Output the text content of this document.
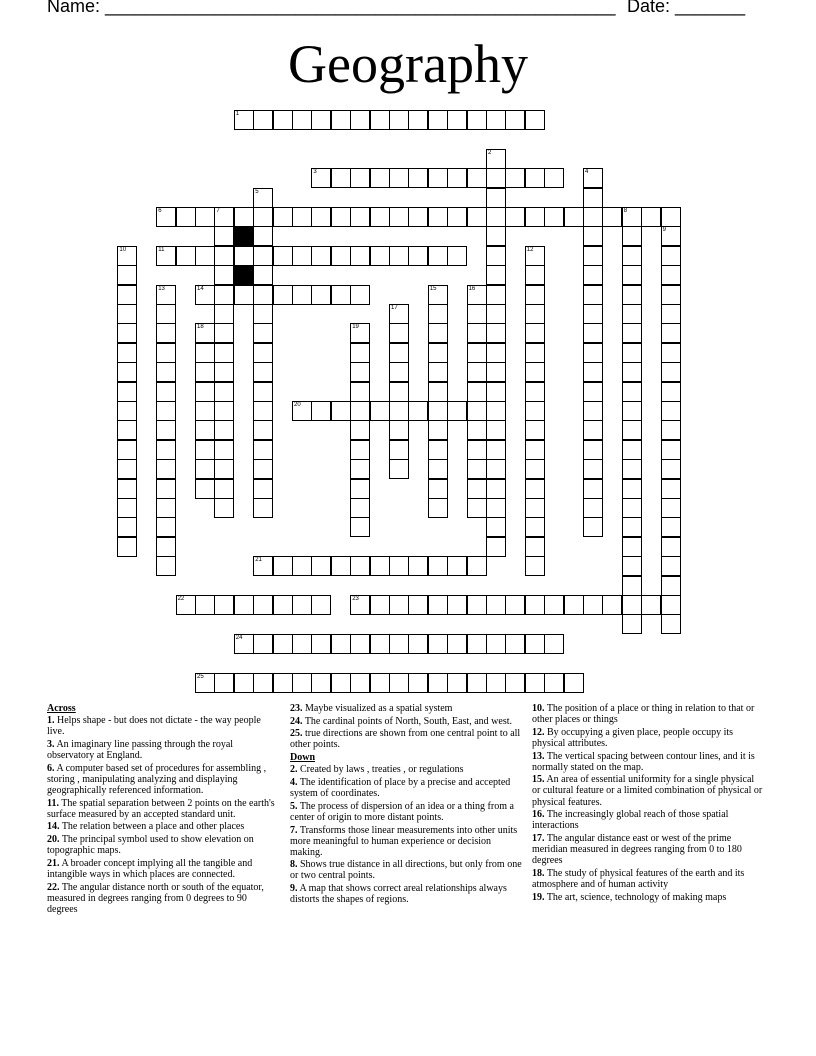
Name: ___________________________________________________ Date: _______
Geography
1
3
6	7	8
11
14
20
21
22	23
24
25
2
4
5
9
10	12
13	15	16
17
18	19
Across
1. Helps shape - but does not dictate - the way people live.
3. An imaginary line passing through the royal observatory at England.
6. A computer based set of procedures for assembling , storing , manipulating analyzing and displaying geographically referenced information.
11. The spatial separation between 2 points on the earth's surface measured by an accepted standard unit.
14. The relation between a place and other places
20. The principal symbol used to show elevation on topographic maps.
21. A broader concept implying all the tangible and intangible ways in which places are connected.
22. The angular distance north or south of the equator, measured in degrees ranging from 0 degrees to 90 degrees
23. Maybe visualized as a spatial system
24. The cardinal points of North, South, East, and west.
25. true directions are shown from one central point to all other points.
Down
2. Created by laws , treaties , or regulations
4. The identification of place by a precise and accepted system of coordinates.
5. The process of dispersion of an idea or a thing from a center of origin to more distant points.
7. Transforms those linear measurements into other units more meaningful to human experience or decision making.
8. Shows true distance in all directions, but only from one or two central points.
9. A map that shows correct areal relationships always distorts the shapes of regions.
10. The position of a place or thing in relation to that or other places or things
12. By occupying a given place, people occupy its physical attributes.
13. The vertical spacing between contour lines, and it is normally stated on the map.
15. An area of essential uniformity for a single physical or cultural feature or a limited combination of physical or physical features.
16. The increasingly global reach of those spatial interactions
17. The angular distance east or west of the prime meridian measured in degrees ranging from 0 to 180 degrees
18. The study of physical features of the earth and its atmosphere and of human activity
19. The art, science, technology of making maps
